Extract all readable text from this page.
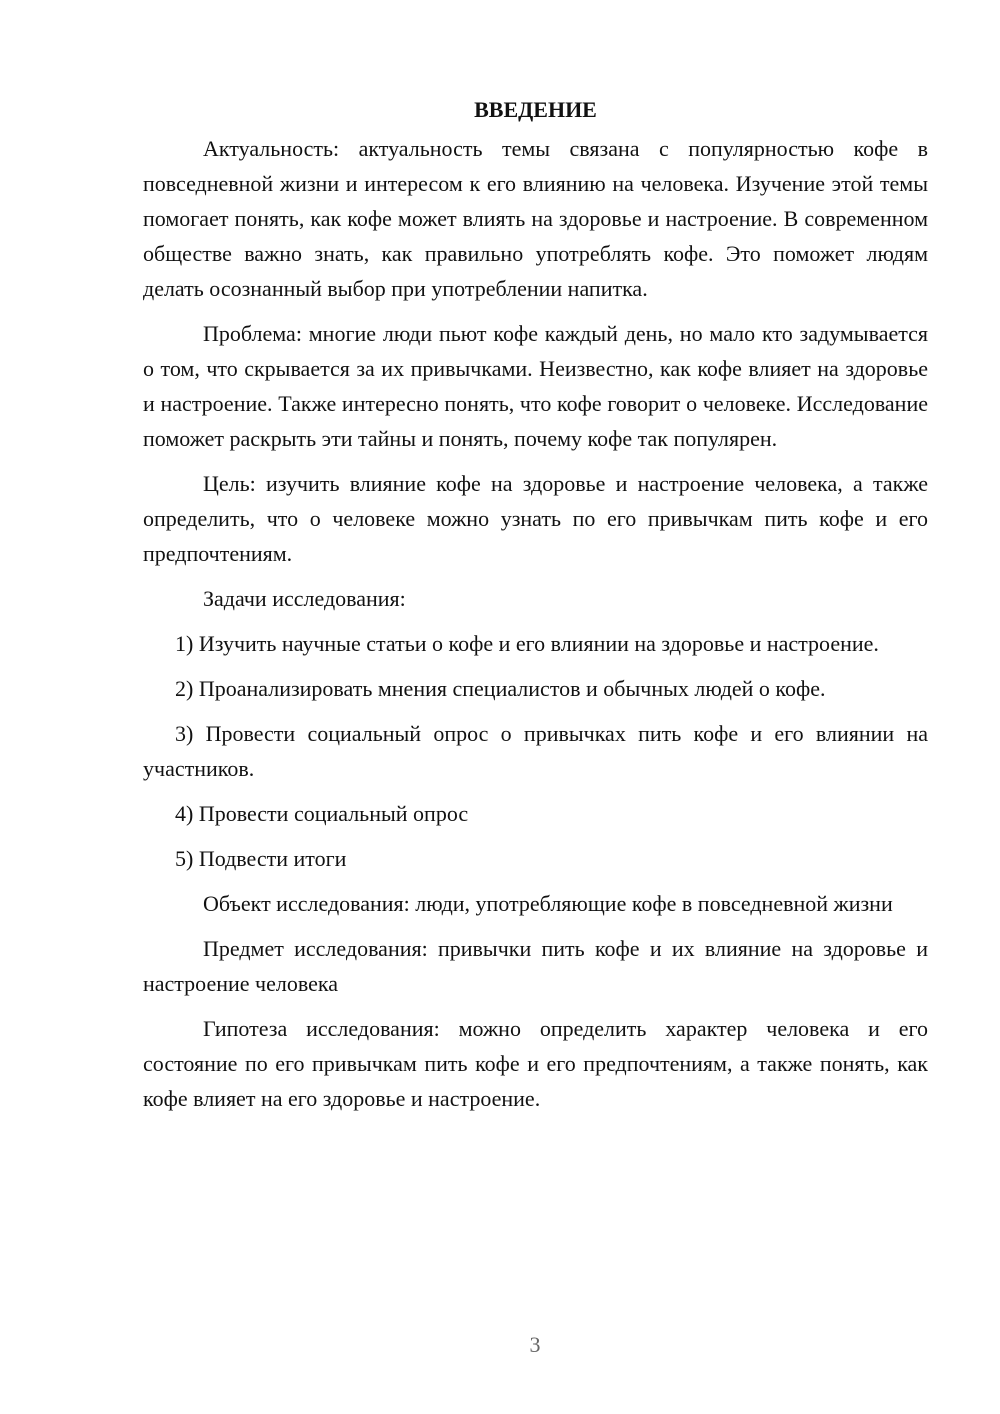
ВВЕДЕНИЕ

Актуальность: актуальность темы связана с популярностью кофе в повседневной жизни и интересом к его влиянию на человека. Изучение этой темы помогает понять, как кофе может влиять на здоровье и настроение. В современном обществе важно знать, как правильно употреблять кофе. Это поможет людям делать осознанный выбор при употреблении напитка.

Проблема: многие люди пьют кофе каждый день, но мало кто задумывается о том, что скрывается за их привычками. Неизвестно, как кофе влияет на здоровье и настроение. Также интересно понять, что кофе говорит о человеке. Исследование поможет раскрыть эти тайны и понять, почему кофе так популярен.

Цель: изучить влияние кофе на здоровье и настроение человека, а также определить, что о человеке можно узнать по его привычкам пить кофе и его предпочтениям.

Задачи исследования:

1) Изучить научные статьи о кофе и его влиянии на здоровье и настроение.

2) Проанализировать мнения специалистов и обычных людей о кофе.

3) Провести социальный опрос о привычках пить кофе и его влиянии на участников.

4) Провести социальный опрос

5) Подвести итоги

Объект исследования: люди, употребляющие кофе в повседневной жизни

Предмет исследования: привычки пить кофе и их влияние на здоровье и настроение человека

Гипотеза исследования: можно определить характер человека и его состояние по его привычкам пить кофе и его предпочтениям, а также понять, как кофе влияет на его здоровье и настроение.

3
